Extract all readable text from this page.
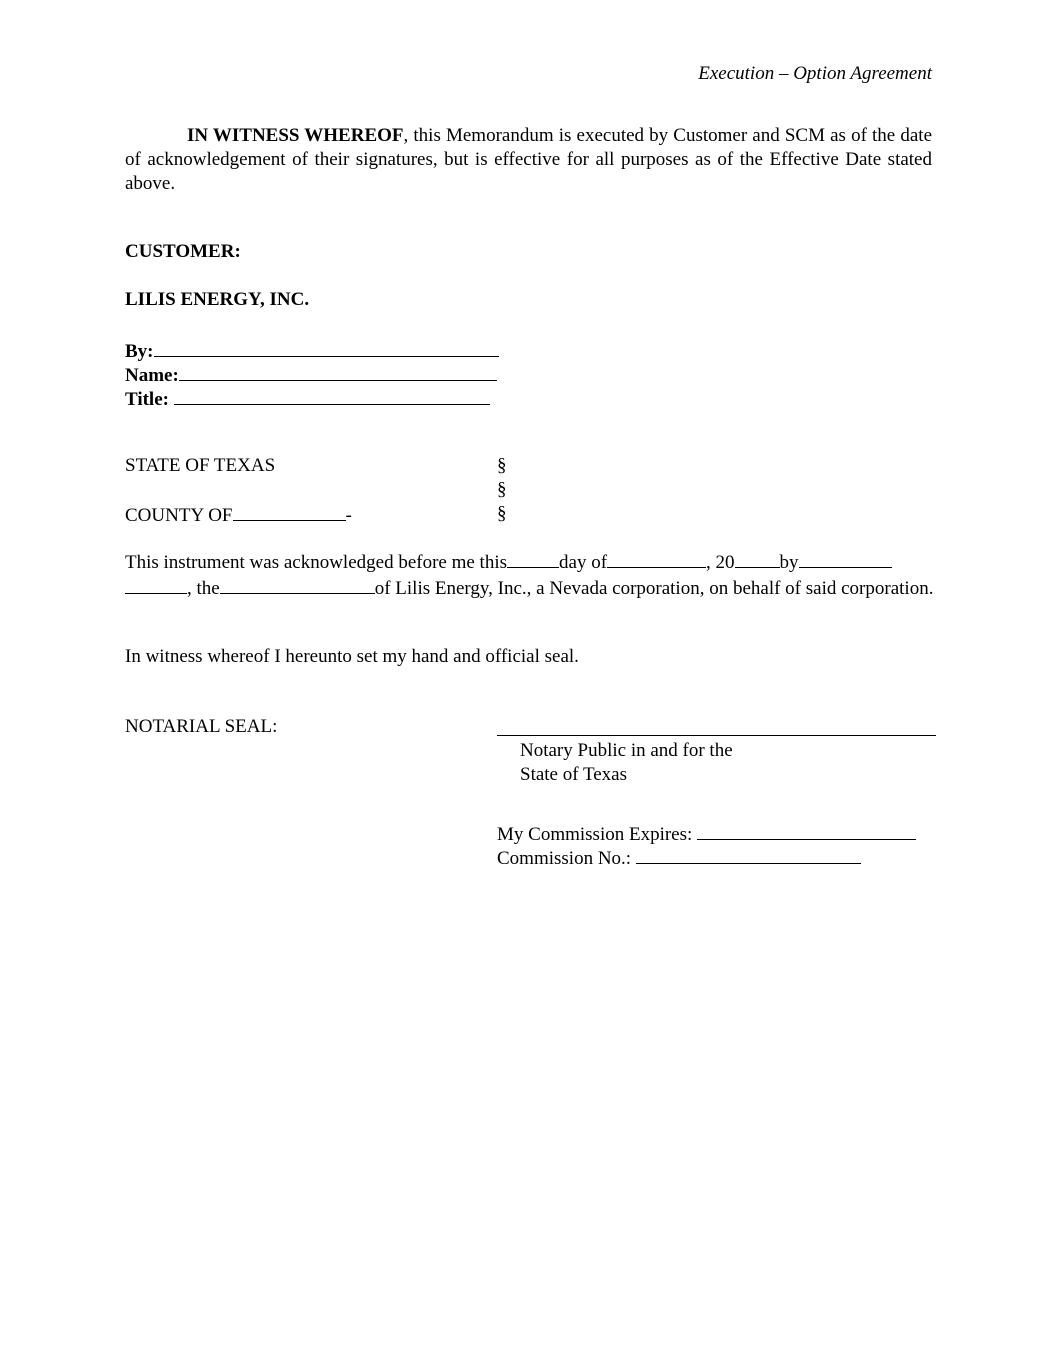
Execution – Option Agreement
IN WITNESS WHEREOF, this Memorandum is executed by Customer and SCM as of the date of acknowledgement of their signatures, but is effective for all purposes as of the Effective Date stated above.
CUSTOMER:
LILIS ENERGY, INC.
By:
Name:
Title:
STATE OF TEXAS	§
§
COUNTY OF	-	§
This instrument was acknowledged before me this	day of	, 20 by
, the	of Lilis Energy, Inc., a Nevada corporation, on behalf of said corporation.
In witness whereof I hereunto set my hand and official seal.
NOTARIAL SEAL:
Notary Public in and for the
State of Texas
My Commission Expires:
Commission No.:
